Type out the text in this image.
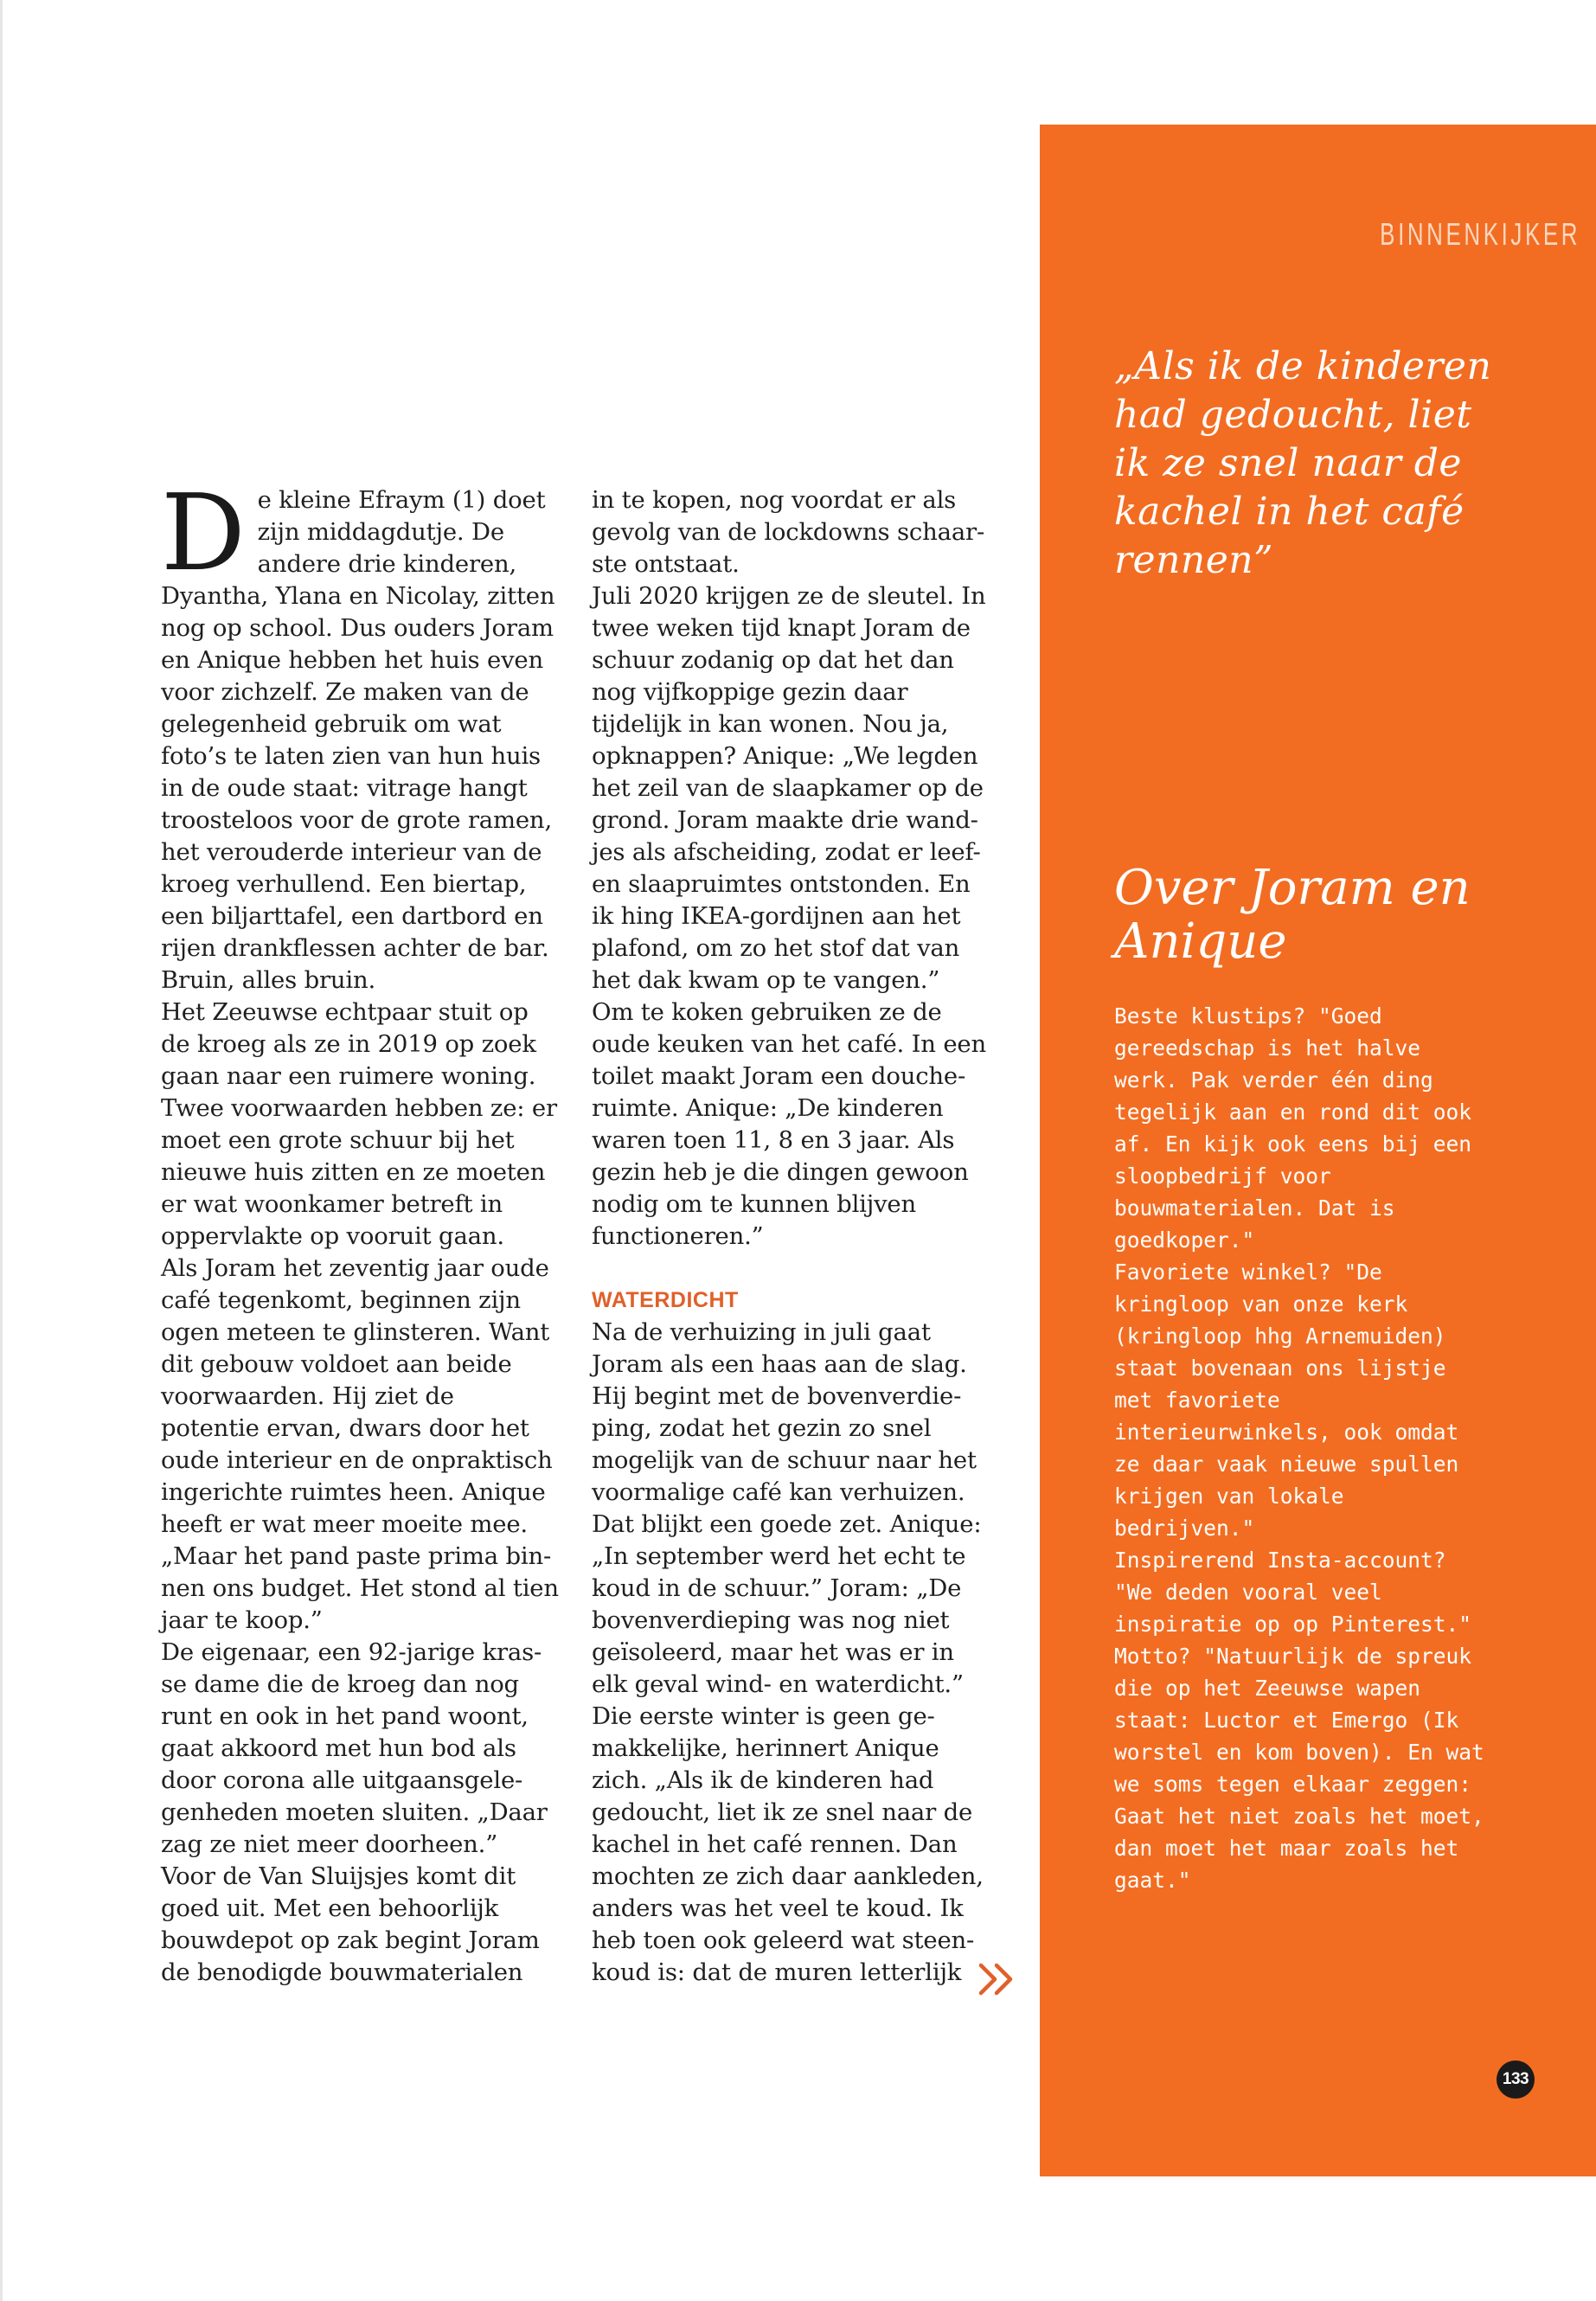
D e kleine Efraym (1) doet zijn middagdutje. De andere drie kinderen, Dyantha, Ylana en Nicolay, zitten nog op school. Dus ouders Joram en Anique hebben het huis even voor zichzelf. Ze maken van de gelegenheid gebruik om wat foto’s te laten zien van hun huis in de oude staat: vitrage hangt troosteloos voor de grote ramen, het verouderde interieur van de kroeg verhullend. Een biertap, een biljarttafel, een dartbord en rijen drankflessen achter de bar. Bruin, alles bruin.

Het Zeeuwse echtpaar stuit op de kroeg als ze in 2019 op zoek gaan naar een ruimere woning. Twee voorwaarden hebben ze: er moet een grote schuur bij het nieuwe huis zitten en ze moeten er wat woonkamer betreft in oppervlakte op vooruit gaan.

Als Joram het zeventig jaar oude café tegenkomt, beginnen zijn ogen meteen te glinsteren. Want dit gebouw voldoet aan beide voorwaarden. Hij ziet de potentie ervan, dwars door het oude interieur en de onpraktisch ingerichte ruimtes heen. Anique heeft er wat meer moeite mee. „Maar het pand paste prima binnen ons budget. Het stond al tien jaar te koop.”

De eigenaar, een 92-jarige krasse dame die de kroeg dan nog runt en ook in het pand woont, gaat akkoord met hun bod als door corona alle uitgaansgelegenheden moeten sluiten. „Daar zag ze niet meer doorheen.” Voor de Van Sluijsjes komt dit goed uit. Met een behoorlijk bouwdepot op zak begint Joram de benodigde bouwmaterialen

in te kopen, nog voordat er als gevolg van de lockdowns schaarste ontstaat.

Juli 2020 krijgen ze de sleutel. In twee weken tijd knapt Joram de schuur zodanig op dat het dan nog vijfkoppige gezin daar tijdelijk in kan wonen. Nou ja, opknappen? Anique: „We legden het zeil van de slaapkamer op de grond. Joram maakte drie wandjes als afscheiding, zodat er leef- en slaapruimtes ontstonden. En ik hing IKEA-gordijnen aan het plafond, om zo het stof dat van het dak kwam op te vangen.”

Om te koken gebruiken ze de oude keuken van het café. In een toilet maakt Joram een doucheruimte. Anique: „De kinderen waren toen 11, 8 en 3 jaar. Als gezin heb je die dingen gewoon nodig om te kunnen blijven functioneren.”

WATERDICHT

Na de verhuizing in juli gaat Joram als een haas aan de slag. Hij begint met de bovenverdieping, zodat het gezin zo snel mogelijk van de schuur naar het voormalige café kan verhuizen. Dat blijkt een goede zet. Anique: „In september werd het echt te koud in de schuur.” Joram: „De bovenverdieping was nog niet geïsoleerd, maar het was er in elk geval wind- en waterdicht.”

Die eerste winter is geen gemakkelijke, herinnert Anique zich. „Als ik de kinderen had gedoucht, liet ik ze snel naar de kachel in het café rennen. Dan mochten ze zich daar aankleden, anders was het veel te koud. Ik heb toen ook geleerd wat steenkoud is: dat de muren letterlijk

BINNENKIJKER

„Als ik de kinderen had gedoucht, liet ik ze snel naar de kachel in het café rennen”

Over Joram en Anique

Beste klustips? "Goed gereedschap is het halve werk. Pak verder één ding tegelijk aan en rond dit ook af. En kijk ook eens bij een sloopbedrijf voor bouwmaterialen. Dat is goedkoper."

Favoriete winkel? "De kringloop van onze kerk (kringloop hhg Arnemuiden) staat bovenaan ons lijstje met favoriete interieurwinkels, ook omdat ze daar vaak nieuwe spullen krijgen van lokale bedrijven."

Inspirerend Insta-account? "We deden vooral veel inspiratie op op Pinterest."

Motto? "Natuurlijk de spreuk die op het Zeeuwse wapen staat: Luctor et Emergo (Ik worstel en kom boven). En wat we soms tegen elkaar zeggen: Gaat het niet zoals het moet, dan moet het maar zoals het gaat."

133
